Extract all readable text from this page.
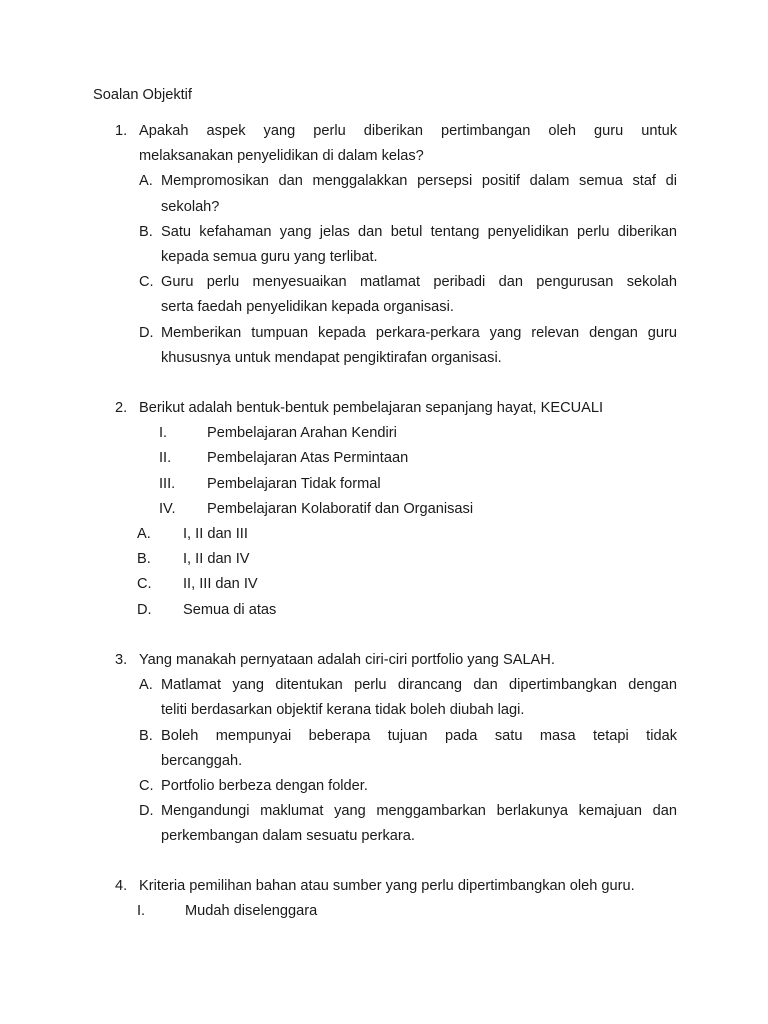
Soalan Objektif
1. Apakah aspek yang perlu diberikan pertimbangan oleh guru untuk
melaksanakan penyelidikan di dalam kelas?
A. Mempromosikan dan menggalakkan persepsi positif dalam semua staf di
sekolah?
B. Satu kefahaman yang jelas dan betul tentang penyelidikan perlu diberikan
kepada semua guru yang terlibat.
C. Guru perlu menyesuaikan matlamat peribadi dan pengurusan sekolah
serta faedah penyelidikan kepada organisasi.
D. Memberikan tumpuan kepada perkara-perkara yang relevan dengan guru
khususnya untuk mendapat pengiktirafan organisasi.
2. Berikut adalah bentuk-bentuk pembelajaran sepanjang hayat, KECUALI
I.	Pembelajaran Arahan Kendiri
II.	Pembelajaran Atas Permintaan
III.	Pembelajaran Tidak formal
IV.	Pembelajaran Kolaboratif dan Organisasi
A.	I, II dan III
B.	I, II dan IV
C.	II, III dan IV
D.	Semua di atas
3. Yang manakah pernyataan adalah ciri-ciri portfolio yang SALAH.
A. Matlamat yang ditentukan perlu dirancang dan dipertimbangkan dengan
teliti berdasarkan objektif kerana tidak boleh diubah lagi.
B. Boleh mempunyai beberapa tujuan pada satu masa tetapi tidak
bercanggah.
C. Portfolio berbeza dengan folder.
D. Mengandungi maklumat yang menggambarkan berlakunya kemajuan dan
perkembangan dalam sesuatu perkara.
4. Kriteria pemilihan bahan atau sumber yang perlu dipertimbangkan oleh guru.
I.	Mudah diselenggara
